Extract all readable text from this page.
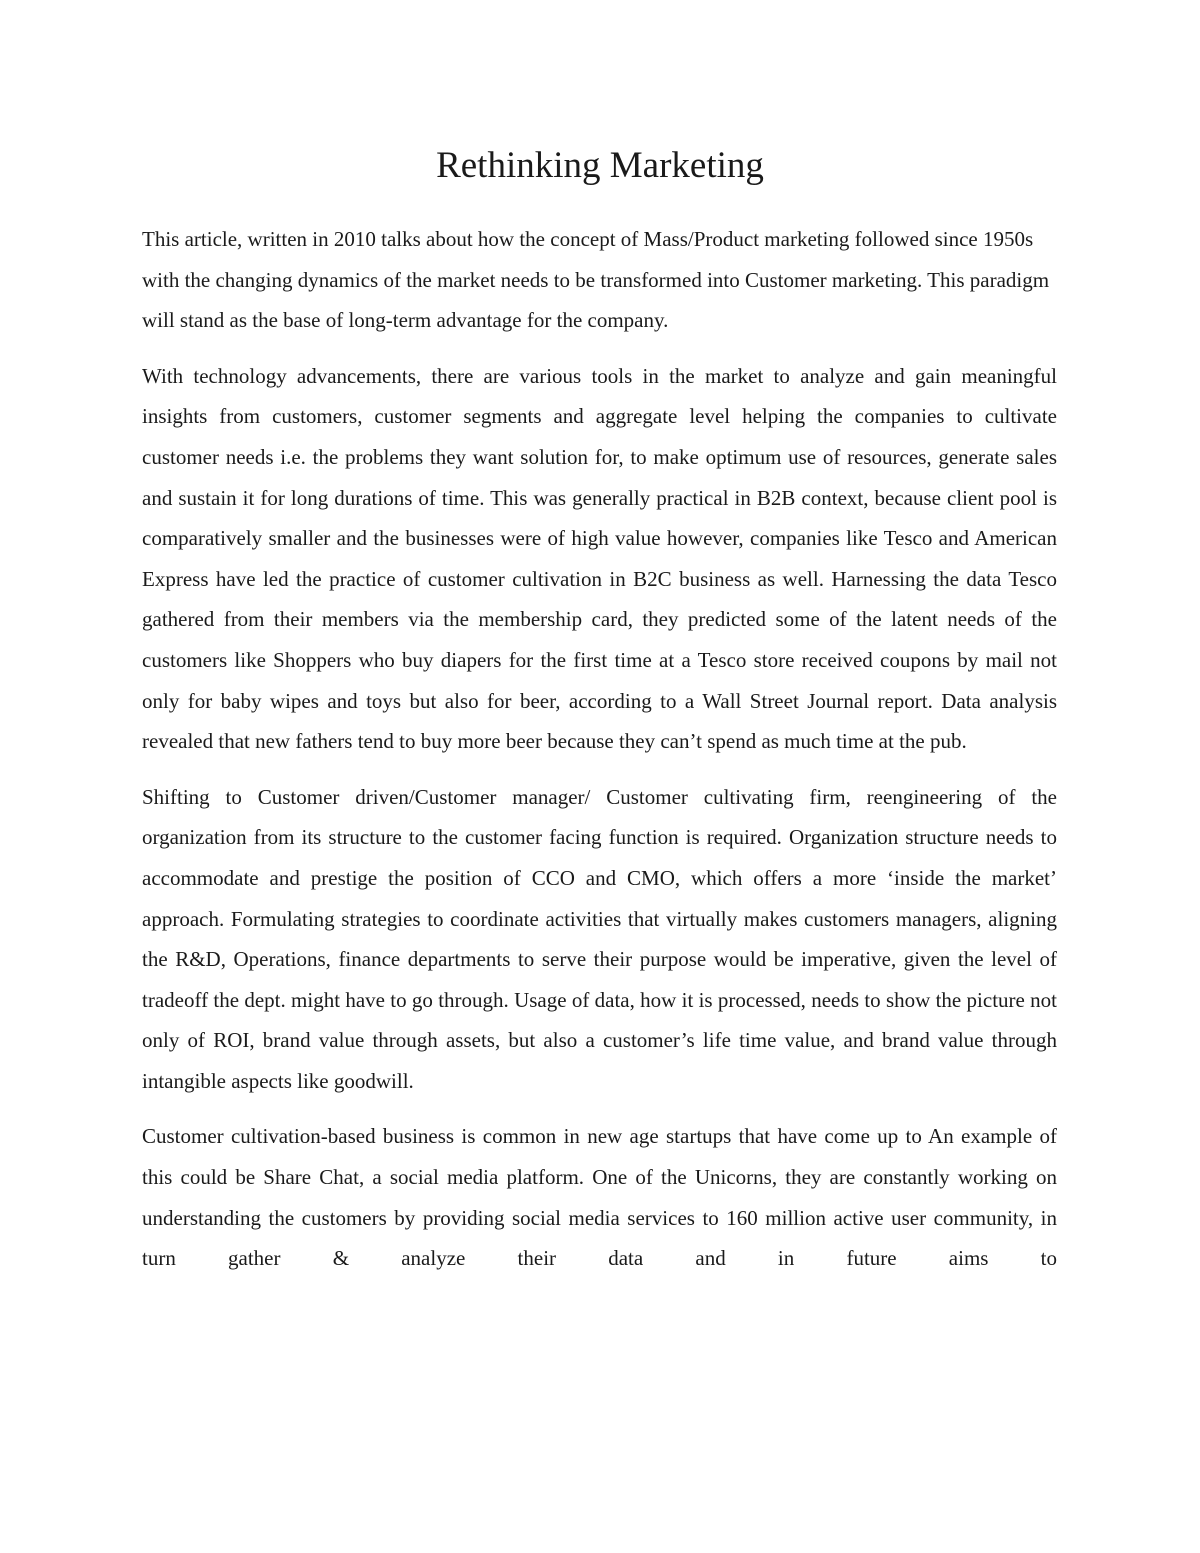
Rethinking Marketing

This article, written in 2010 talks about how the concept of Mass/Product marketing followed since 1950s with the changing dynamics of the market needs to be transformed into Customer marketing. This paradigm will stand as the base of long-term advantage for the company.

With technology advancements, there are various tools in the market to analyze and gain meaningful insights from customers, customer segments and aggregate level helping the companies to cultivate customer needs i.e. the problems they want solution for, to make optimum use of resources, generate sales and sustain it for long durations of time. This was generally practical in B2B context, because client pool is comparatively smaller and the businesses were of high value however, companies like Tesco and American Express have led the practice of customer cultivation in B2C business as well. Harnessing the data Tesco gathered from their members via the membership card, they predicted some of the latent needs of the customers like Shoppers who buy diapers for the first time at a Tesco store received coupons by mail not only for baby wipes and toys but also for beer, according to a Wall Street Journal report. Data analysis revealed that new fathers tend to buy more beer because they can’t spend as much time at the pub.

Shifting to Customer driven/Customer manager/ Customer cultivating firm, reengineering of the organization from its structure to the customer facing function is required. Organization structure needs to accommodate and prestige the position of CCO and CMO, which offers a more ‘inside the market’ approach. Formulating strategies to coordinate activities that virtually makes customers managers, aligning the R&D, Operations, finance departments to serve their purpose would be imperative, given the level of tradeoff the dept. might have to go through. Usage of data, how it is processed, needs to show the picture not only of ROI, brand value through assets, but also a customer’s life time value, and brand value through intangible aspects like goodwill.

Customer cultivation-based business is common in new age startups that have come up to An example of this could be Share Chat, a social media platform. One of the Unicorns, they are constantly working on understanding the customers by providing social media services to 160 million active user community, in turn gather & analyze their data and in future aims to
